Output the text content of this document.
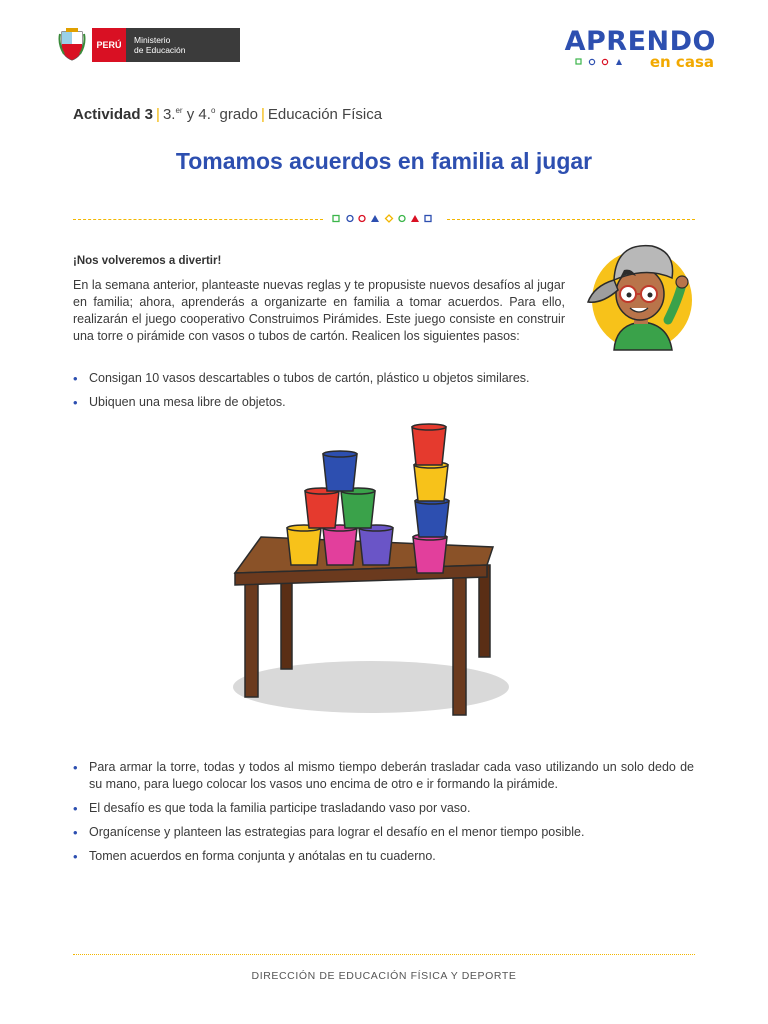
PERÚ	Ministerio
de Educación	APRENDO
en casa
Actividad 3 | 3.$^{er}$ y 4.$^o$ grado | Educación Física
Tomamos acuerdos en familia al jugar
¡Nos volveremos a divertir!

En la semana anterior, planteaste nuevas reglas y te propusiste nuevos desafíos al jugar en familia; ahora, aprenderás a organizarte en familia a tomar acuerdos. Para ello, realizarán el juego cooperativo Construimos Pirámides. Este juego consiste en construir una torre o pirámide con vasos o tubos de cartón. Realicen los siguientes pasos:

• Consigan 10 vasos descartables o tubos de cartón, plástico u objetos similares.
• Ubiquen una mesa libre de objetos.
• Para armar la torre, todas y todos al mismo tiempo deberán trasladar cada vaso utilizando un solo dedo de su mano, para luego colocar los vasos uno encima de otro e ir formando la pirámide.
• El desafío es que toda la familia participe trasladando vaso por vaso.
• Organícense y planteen las estrategias para lograr el desafío en el menor tiempo posible.
• Tomen acuerdos en forma conjunta y anótalas en tu cuaderno.
DIRECCIÓN DE EDUCACIÓN FÍSICA Y DEPORTE
